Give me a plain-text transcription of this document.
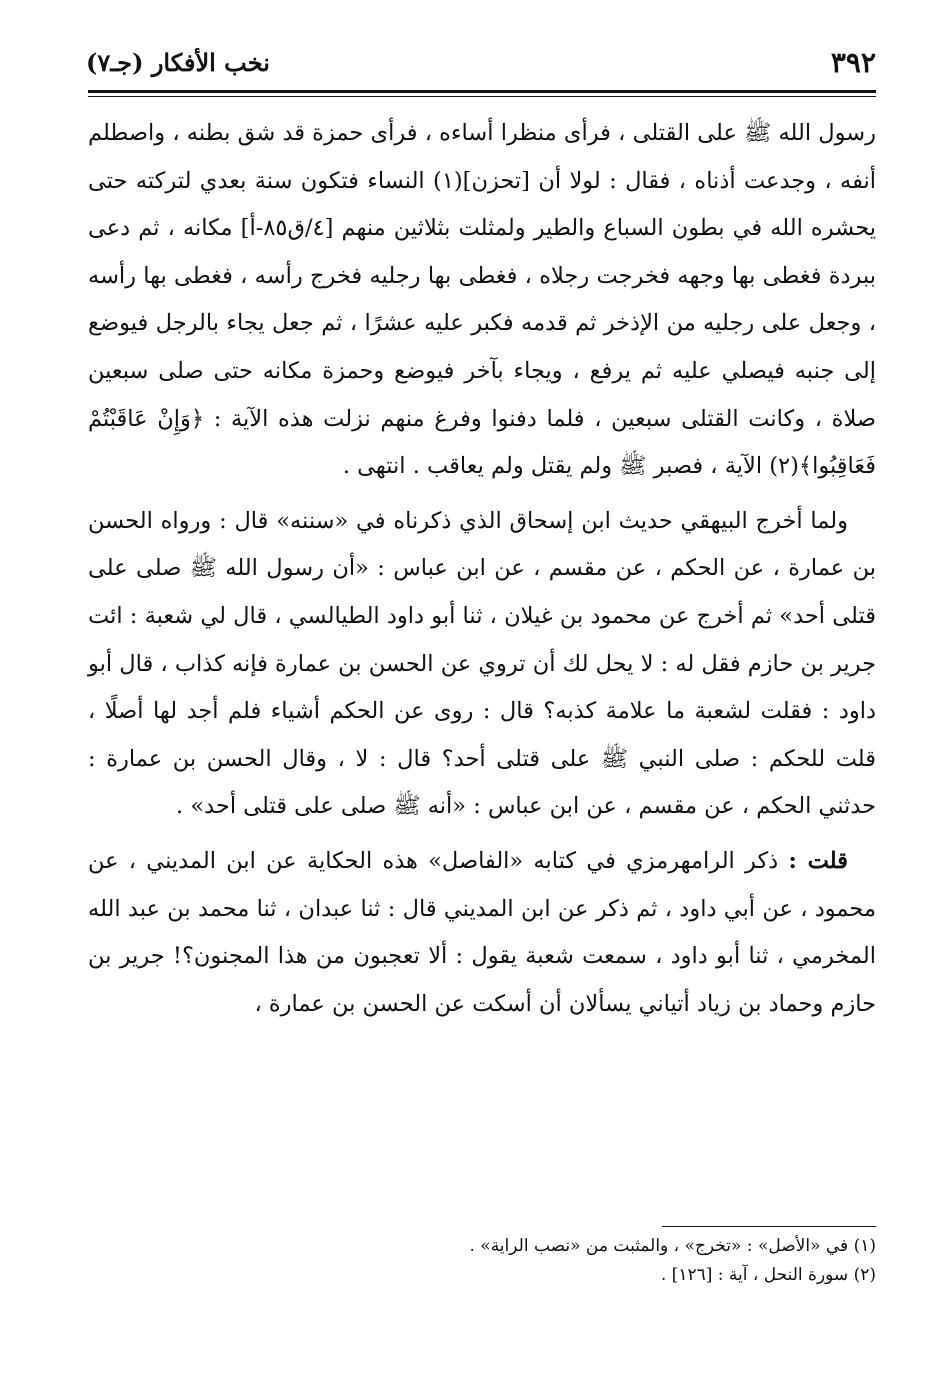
٣٩٢
نخب الأفكار (جـ٧)

رسول الله ﷺ على القتلى ، فرأى منظرا أساءه ، فرأى حمزة قد شق بطنه ، واصطلم أنفه ، وجدعت أذناه ، فقال : لولا أن [تحزن](١) النساء فتكون سنة بعدي لتركته حتى يحشره الله في بطون السباع والطير ولمثلت بثلاثين منهم [٤/ق٨٥-أ] مكانه ، ثم دعى ببردة فغطى بها وجهه فخرجت رجلاه ، فغطى بها رجليه فخرج رأسه ، فغطى بها رأسه ، وجعل على رجليه من الإذخر ثم قدمه فكبر عليه عشرًا ، ثم جعل يجاء بالرجل فيوضع إلى جنبه فيصلي عليه ثم يرفع ، ويجاء بآخر فيوضع وحمزة مكانه حتى صلى سبعين صلاة ، وكانت القتلى سبعين ، فلما دفنوا وفرغ منهم نزلت هذه الآية : ﴿وَإِنْ عَاقَبْتُمْ فَعَاقِبُوا﴾(٢) الآية ، فصبر ﷺ ولم يقتل ولم يعاقب . انتهى .

ولما أخرج البيهقي حديث ابن إسحاق الذي ذكرناه في «سننه» قال : ورواه الحسن بن عمارة ، عن الحكم ، عن مقسم ، عن ابن عباس : «أن رسول الله ﷺ صلى على قتلى أحد» ثم أخرج عن محمود بن غيلان ، ثنا أبو داود الطيالسي ، قال لي شعبة : ائت جرير بن حازم فقل له : لا يحل لك أن تروي عن الحسن بن عمارة فإنه كذاب ، قال أبو داود : فقلت لشعبة ما علامة كذبه؟ قال : روى عن الحكم أشياء فلم أجد لها أصلًا ، قلت للحكم : صلى النبي ﷺ على قتلى أحد؟ قال : لا ، وقال الحسن بن عمارة : حدثني الحكم ، عن مقسم ، عن ابن عباس : «أنه ﷺ صلى على قتلى أحد» .

قلت : ذكر الرامهرمزي في كتابه «الفاصل» هذه الحكاية عن ابن المديني ، عن محمود ، عن أبي داود ، ثم ذكر عن ابن المديني قال : ثنا عبدان ، ثنا محمد بن عبد الله المخرمي ، ثنا أبو داود ، سمعت شعبة يقول : ألا تعجبون من هذا المجنون؟! جرير بن حازم وحماد بن زياد أتياني يسألان أن أسكت عن الحسن بن عمارة ،

(١) في «الأصل» : «تخرج» ، والمثبت من «نصب الراية» .
(٢) سورة النحل ، آية : [١٢٦] .
